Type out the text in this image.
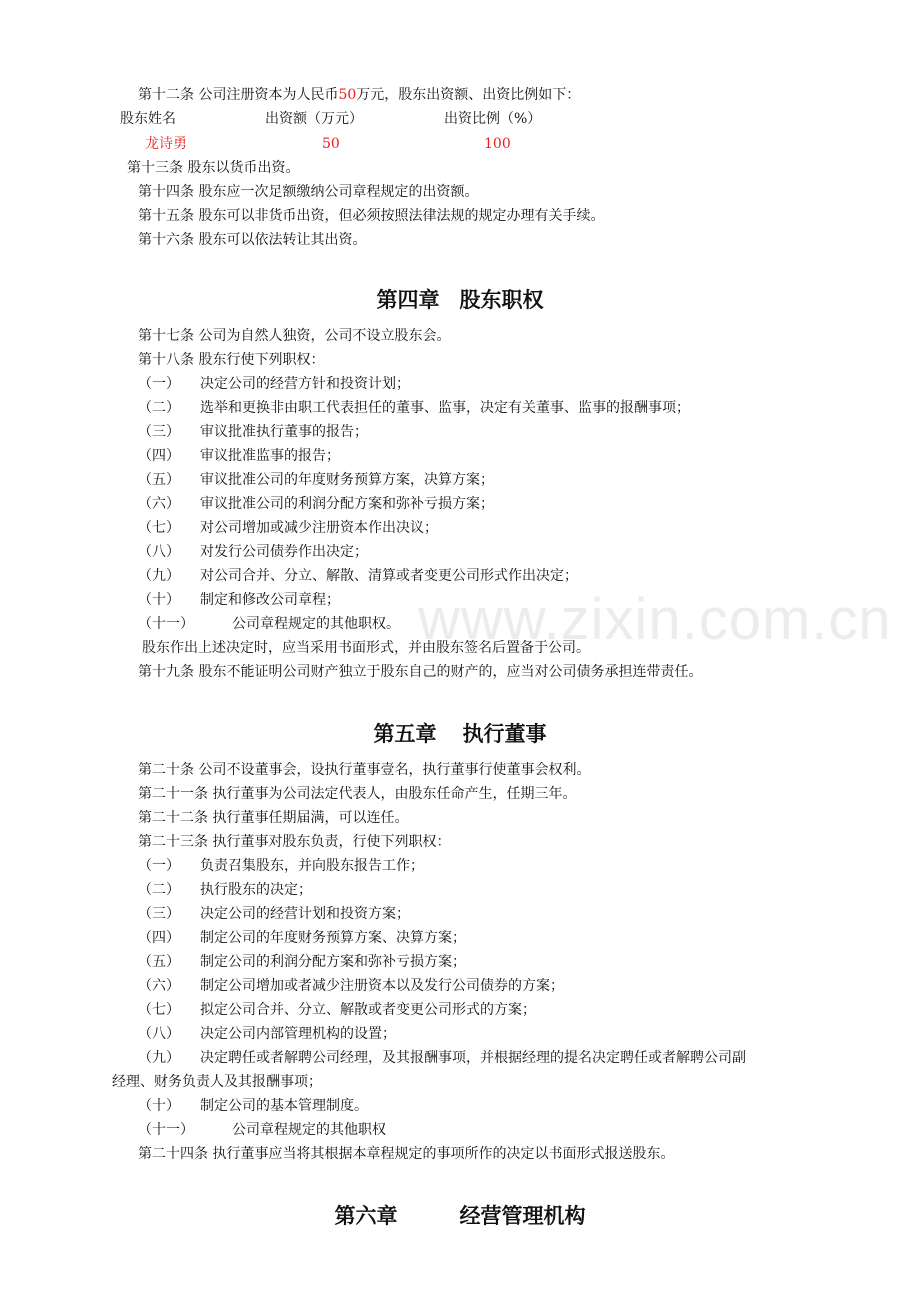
www.zixin.com.cn
第十二条 公司注册资本为人民币50万元，股东出资额、出资比例如下：
股东姓名	出资额（万元）	出资比例（%）
龙诗勇	50	100
第十三条 股东以货币出资。
第十四条 股东应一次足额缴纳公司章程规定的出资额。
第十五条 股东可以非货币出资，但必须按照法律法规的规定办理有关手续。
第十六条 股东可以依法转让其出资。
第四章 股东职权
第十七条 公司为自然人独资，公司不设立股东会。
第十八条 股东行使下列职权：
（一） 决定公司的经营方针和投资计划；
（二） 选举和更换非由职工代表担任的董事、监事，决定有关董事、监事的报酬事项；
（三） 审议批准执行董事的报告；
（四） 审议批准监事的报告；
（五） 审议批准公司的年度财务预算方案，决算方案；
（六） 审议批准公司的利润分配方案和弥补亏损方案；
（七） 对公司增加或减少注册资本作出决议；
（八） 对发行公司债券作出决定；
（九） 对公司合并、分立、解散、清算或者变更公司形式作出决定；
（十） 制定和修改公司章程；
（十一）	公司章程规定的其他职权。
股东作出上述决定时，应当采用书面形式，并由股东签名后置备于公司。
第十九条 股东不能证明公司财产独立于股东自己的财产的，应当对公司债务承担连带责任。
第五章 执行董事
第二十条 公司不设董事会，设执行董事壹名，执行董事行使董事会权利。
第二十一条 执行董事为公司法定代表人，由股东任命产生，任期三年。
第二十二条 执行董事任期届满，可以连任。
第二十三条 执行董事对股东负责，行使下列职权：
（一） 负责召集股东，并向股东报告工作；
（二） 执行股东的决定；
（三） 决定公司的经营计划和投资方案；
（四） 制定公司的年度财务预算方案、决算方案；
（五） 制定公司的利润分配方案和弥补亏损方案；
（六） 制定公司增加或者减少注册资本以及发行公司债券的方案；
（七） 拟定公司合并、分立、解散或者变更公司形式的方案；
（八） 决定公司内部管理机构的设置；
（九） 决定聘任或者解聘公司经理，及其报酬事项，并根据经理的提名决定聘任或者解聘公司副
经理、财务负责人及其报酬事项；
（十） 制定公司的基本管理制度。
（十一）	公司章程规定的其他职权
第二十四条 执行董事应当将其根据本章程规定的事项所作的决定以书面形式报送股东。
第六章	经营管理机构
